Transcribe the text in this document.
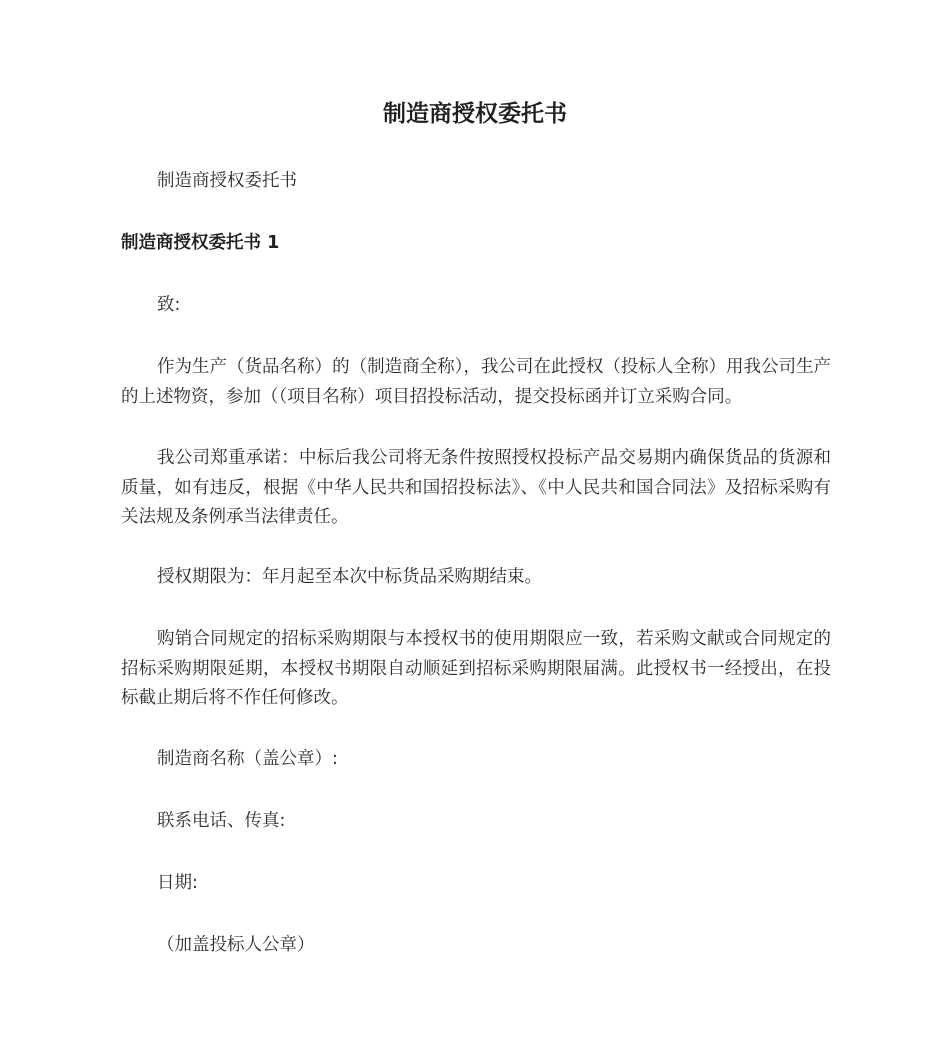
制造商授权委托书

制造商授权委托书

制造商授权委托书 1

致:

作为生产（货品名称）的（制造商全称），我公司在此授权（投标人全称）用我公司生产的上述物资，参加（（项目名称）项目招投标活动，提交投标函并订立采购合同。

我公司郑重承诺：中标后我公司将无条件按照授权投标产品交易期内确保货品的货源和质量，如有违反，根据《中华人民共和国招投标法》、《中人民共和国合同法》及招标采购有关法规及条例承当法律责任。

授权期限为：年月起至本次中标货品采购期结束。

购销合同规定的招标采购期限与本授权书的使用期限应一致，若采购文献或合同规定的招标采购期限延期，本授权书期限自动顺延到招标采购期限届满。此授权书一经授出，在投标截止期后将不作任何修改。

制造商名称（盖公章）:

联系电话、传真:

日期:

（加盖投标人公章）
